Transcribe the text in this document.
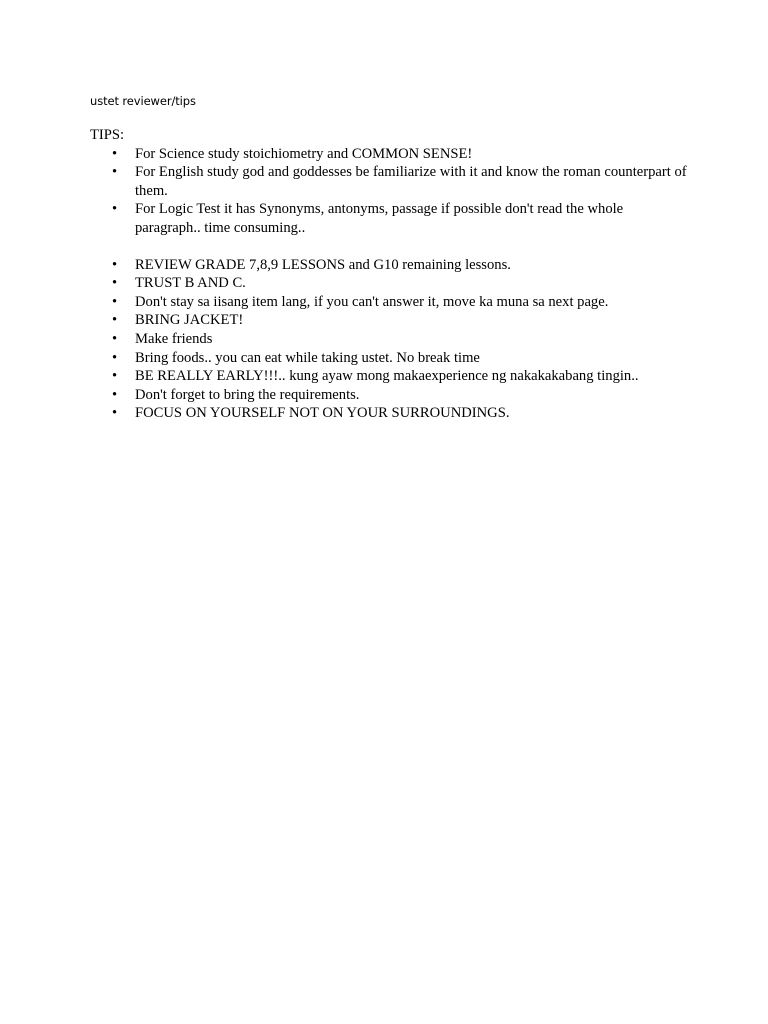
ustet reviewer/tips

TIPS:

• For Science study stoichiometry and COMMON SENSE!
• For English study god and goddesses be familiarize with it and know the roman counterpart of them.
• For Logic Test it has Synonyms, antonyms, passage if possible don't read the whole paragraph.. time consuming..
• REVIEW GRADE 7,8,9 LESSONS and G10 remaining lessons.
• TRUST B AND C.
• Don't stay sa iisang item lang, if you can't answer it, move ka muna sa next page.
• BRING JACKET!
• Make friends
• Bring foods.. you can eat while taking ustet. No break time
• BE REALLY EARLY!!!.. kung ayaw mong makaexperience ng nakakakabang tingin..
• Don't forget to bring the requirements.
• FOCUS ON YOURSELF NOT ON YOUR SURROUNDINGS.
